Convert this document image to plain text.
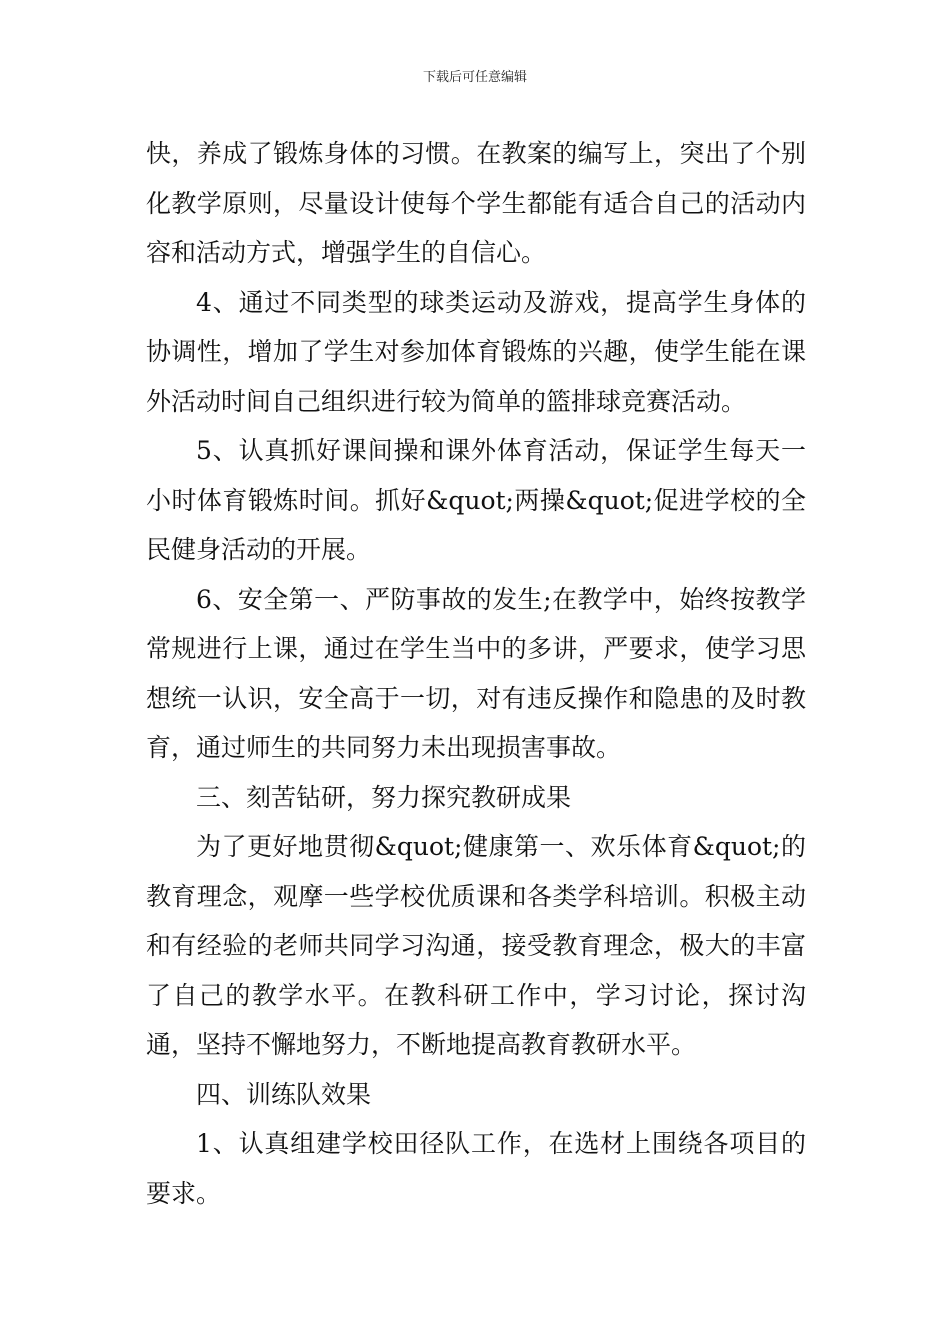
下载后可任意编辑

快，养成了锻炼身体的习惯。在教案的编写上，突出了个别化教学原则，尽量设计使每个学生都能有适合自己的活动内容和活动方式，增强学生的自信心。

4、通过不同类型的球类运动及游戏，提高学生身体的协调性，增加了学生对参加体育锻炼的兴趣，使学生能在课外活动时间自己组织进行较为简单的篮排球竞赛活动。

5、认真抓好课间操和课外体育活动，保证学生每天一小时体育锻炼时间。抓好&quot;两操&quot;促进学校的全民健身活动的开展。

6、安全第一、严防事故的发生;在教学中，始终按教学常规进行上课，通过在学生当中的多讲，严要求，使学习思想统一认识，安全高于一切，对有违反操作和隐患的及时教育，通过师生的共同努力未出现损害事故。

三、刻苦钻研，努力探究教研成果

为了更好地贯彻&quot;健康第一、欢乐体育&quot;的教育理念，观摩一些学校优质课和各类学科培训。积极主动和有经验的老师共同学习沟通，接受教育理念，极大的丰富了自己的教学水平。在教科研工作中，学习讨论，探讨沟通，坚持不懈地努力，不断地提高教育教研水平。

四、训练队效果

1、认真组建学校田径队工作，在选材上围绕各项目的要求。
